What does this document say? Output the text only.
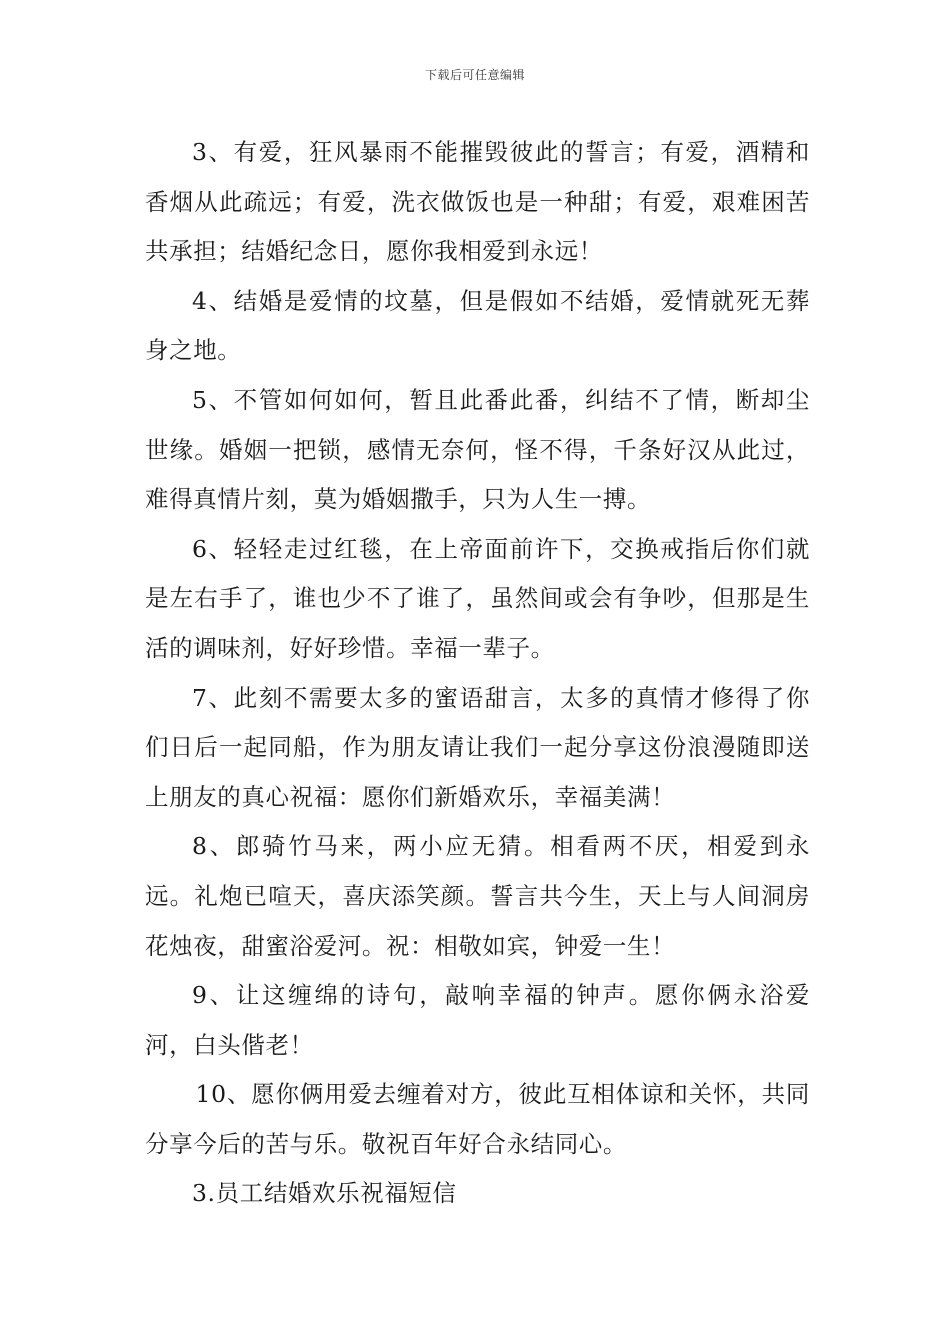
下载后可任意编辑

3、有爱，狂风暴雨不能摧毁彼此的誓言；有爱，酒精和香烟从此疏远；有爱，洗衣做饭也是一种甜；有爱，艰难困苦共承担；结婚纪念日，愿你我相爱到永远！

4、结婚是爱情的坟墓，但是假如不结婚，爱情就死无葬身之地。

5、不管如何如何，暂且此番此番，纠结不了情，断却尘世缘。婚姻一把锁，感情无奈何，怪不得，千条好汉从此过，难得真情片刻，莫为婚姻撒手，只为人生一搏。

6、轻轻走过红毯，在上帝面前许下，交换戒指后你们就是左右手了，谁也少不了谁了，虽然间或会有争吵，但那是生活的调味剂，好好珍惜。幸福一辈子。

7、此刻不需要太多的蜜语甜言，太多的真情才修得了你们日后一起同船，作为朋友请让我们一起分享这份浪漫随即送上朋友的真心祝福：愿你们新婚欢乐，幸福美满！

8、郎骑竹马来，两小应无猜。相看两不厌，相爱到永远。礼炮已喧天，喜庆添笑颜。誓言共今生，天上与人间洞房花烛夜，甜蜜浴爱河。祝：相敬如宾，钟爱一生！

9、让这缠绵的诗句，敲响幸福的钟声。愿你俩永浴爱河，白头偕老！

10、愿你俩用爱去缠着对方，彼此互相体谅和关怀，共同分享今后的苦与乐。敬祝百年好合永结同心。

3.员工结婚欢乐祝福短信
